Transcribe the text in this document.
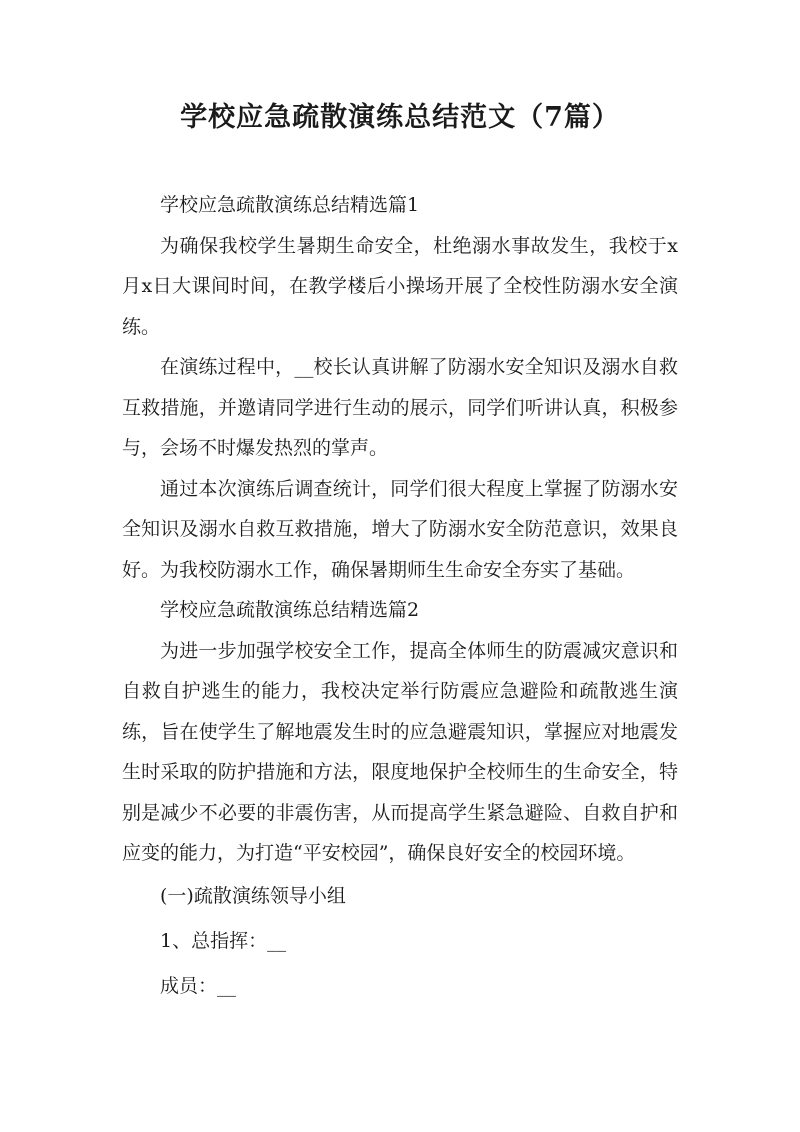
学校应急疏散演练总结范文（7篇）

学校应急疏散演练总结精选篇1

为确保我校学生暑期生命安全，杜绝溺水事故发生，我校于x月x日大课间时间，在教学楼后小操场开展了全校性防溺水安全演练。

在演练过程中，__校长认真讲解了防溺水安全知识及溺水自救互救措施，并邀请同学进行生动的展示，同学们听讲认真，积极参与，会场不时爆发热烈的掌声。

通过本次演练后调查统计，同学们很大程度上掌握了防溺水安全知识及溺水自救互救措施，增大了防溺水安全防范意识，效果良好。为我校防溺水工作，确保暑期师生生命安全夯实了基础。

学校应急疏散演练总结精选篇2

为进一步加强学校安全工作，提高全体师生的防震减灾意识和自救自护逃生的能力，我校决定举行防震应急避险和疏散逃生演练，旨在使学生了解地震发生时的应急避震知识，掌握应对地震发生时采取的防护措施和方法，限度地保护全校师生的生命安全，特别是减少不必要的非震伤害，从而提高学生紧急避险、自救自护和应变的能力，为打造“平安校园”，确保良好安全的校园环境。

(一)疏散演练领导小组

1、总指挥：__

成员：__
